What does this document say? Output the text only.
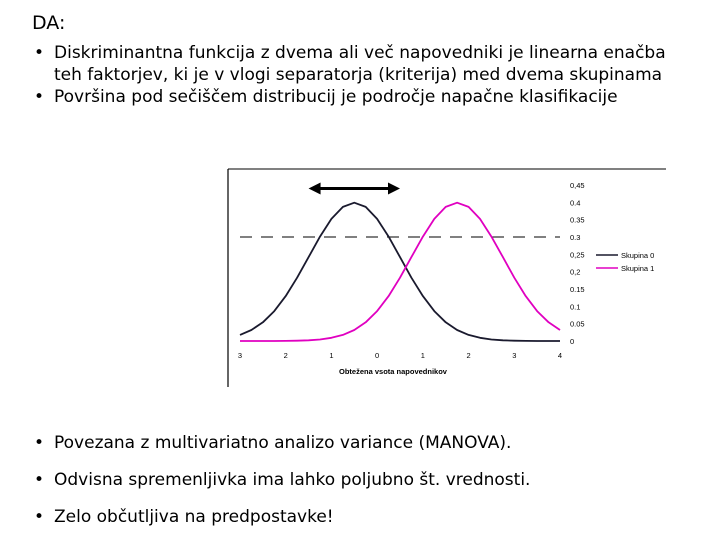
DA:
• Diskriminantna funkcija z dvema ali več napovedniki je linearna enačba teh faktorjev, ki je v vlogi separatorja (kriterija) med dvema skupinama
• Površina pod sečiščem distribucij je področje napačne klasifikacije
3	2	1	0	1	2	3	4
0,45
0.4
0.35
0.3
0,25
0,2
0.15
0.1
0.05
0
Skupina 0
Skupina 1
Obtežena vsota napovednikov
• Povezana z multivariatno analizo variance (MANOVA).
• Odvisna spremenljivka ima lahko poljubno št. vrednosti.
• Zelo občutljiva na predpostavke!
